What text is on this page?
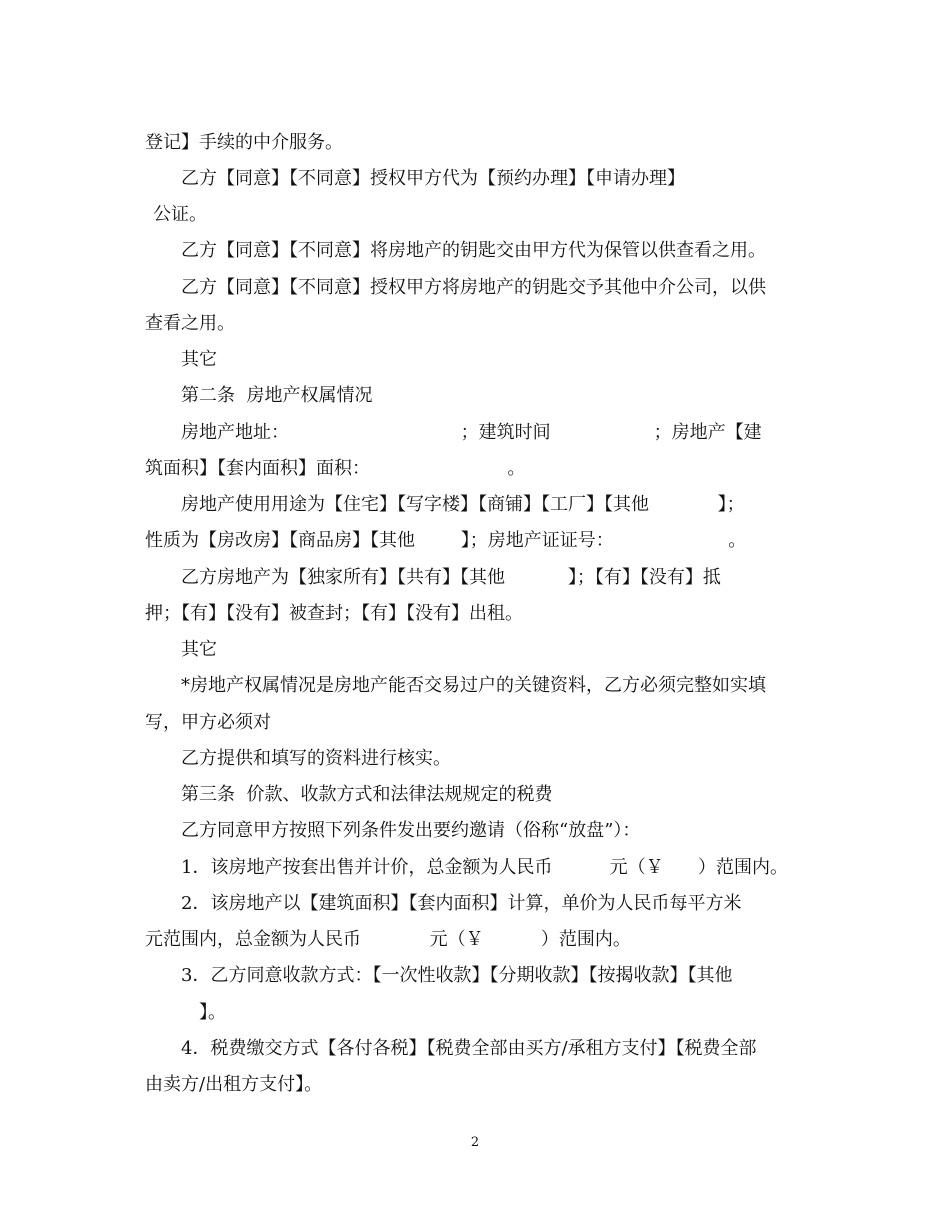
登记】手续的中介服务。
乙方【同意】【不同意】授权甲方代为【预约办理】【申请办理】
公证。
乙方【同意】【不同意】将房地产的钥匙交由甲方代为保管以供查看之用。
乙方【同意】【不同意】授权甲方将房地产的钥匙交予其他中介公司，以供
查看之用。
其它
第二条  房地产权属情况
房地产地址：                              ；建筑时间                  ；房地产【建
筑面积】【套内面积】面积：                        。
房地产使用用途为【住宅】【写字楼】【商铺】【工厂】【其他            】；
性质为【房改房】【商品房】【其他        】；房地产证证号：                    。
乙方房地产为【独家所有】【共有】【其他           】；【有】【没有】抵
押；【有】【没有】被查封；【有】【没有】出租。
其它
*房地产权属情况是房地产能否交易过户的关键资料，乙方必须完整如实填
写，甲方必须对
乙方提供和填写的资料进行核实。
第三条  价款、收款方式和法律法规规定的税费
乙方同意甲方按照下列条件发出要约邀请（俗称“放盘”）：
1．该房地产按套出售并计价，总金额为人民币          元（￥      ）范围内。
2．该房地产以【建筑面积】【套内面积】计算，单价为人民币每平方米
元范围内，总金额为人民币            元（￥          ）范围内。
3．乙方同意收款方式：【一次性收款】【分期收款】【按揭收款】【其他
】。
4．税费缴交方式【各付各税】【税费全部由买方/承租方支付】【税费全部
由卖方/出租方支付】。
2
